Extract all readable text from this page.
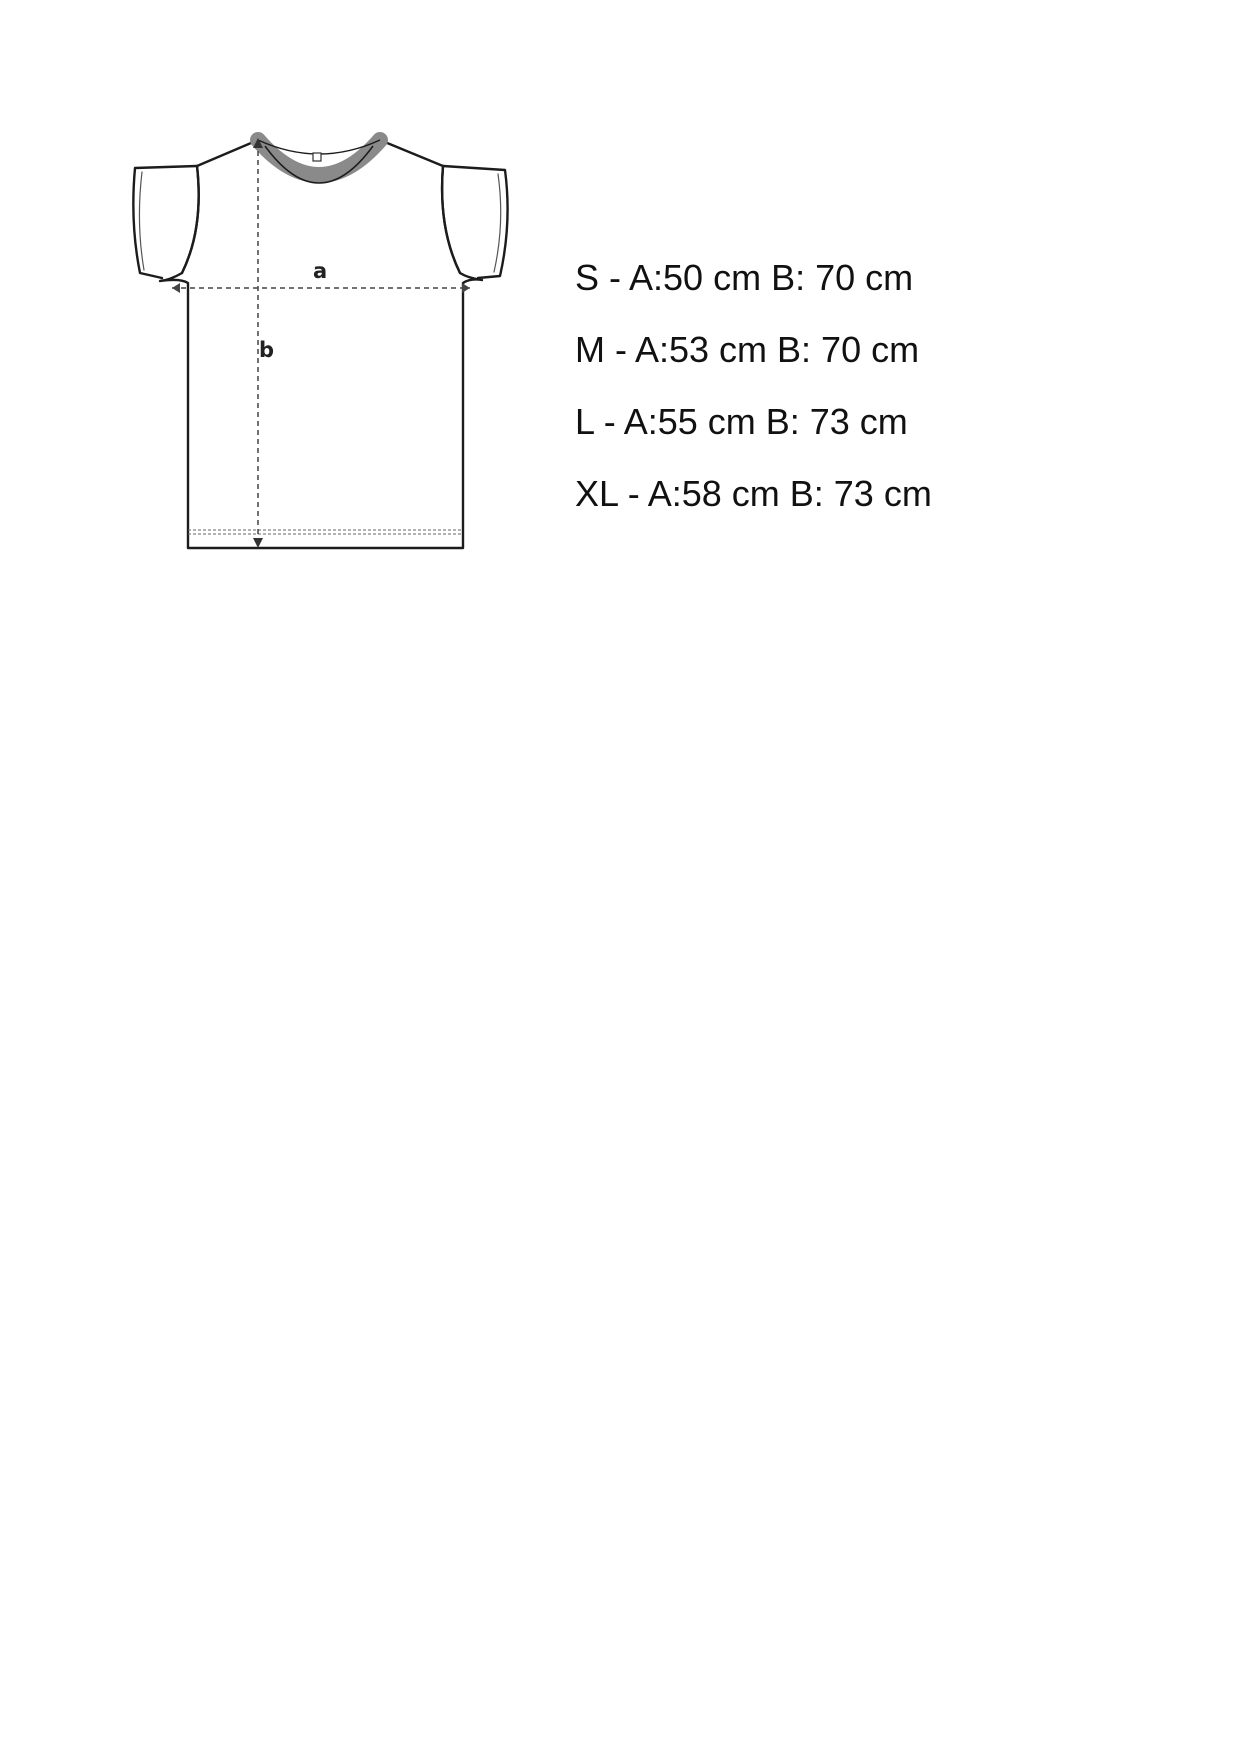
a
b
S - A:50 cm B: 70 cm
M - A:53 cm B: 70 cm
L - A:55 cm B: 73 cm
XL - A:58 cm B: 73 cm
